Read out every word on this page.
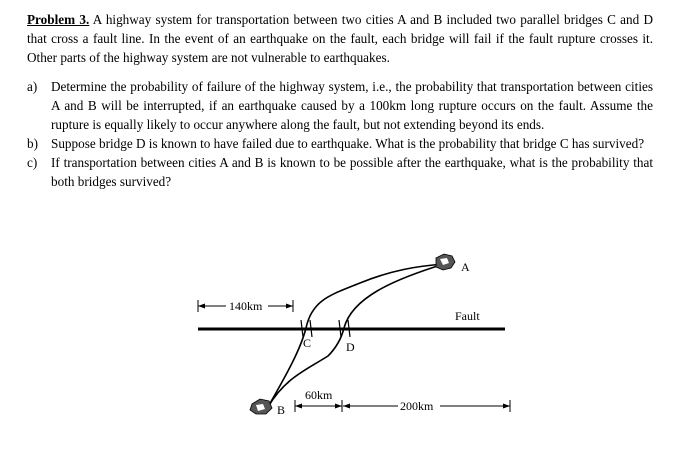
Problem 3. A highway system for transportation between two cities A and B included two parallel bridges C and D that cross a fault line. In the event of an earthquake on the fault, each bridge will fail if the fault rupture crosses it. Other parts of the highway system are not vulnerable to earthquakes.

a)	Determine the probability of failure of the highway system, i.e., the probability that transportation between cities A and B will be interrupted, if an earthquake caused by a 100km long rupture occurs on the fault. Assume the rupture is equally likely to occur anywhere along the fault, but not extending beyond its ends.
b) Suppose bridge D is known to have failed due to earthquake. What is the probability that bridge C has survived?
c)	If transportation between cities A and B is known to be possible after the earthquake, what is the probability that both bridges survived?
A
B
C	D
Fault
140km
60km
200km
